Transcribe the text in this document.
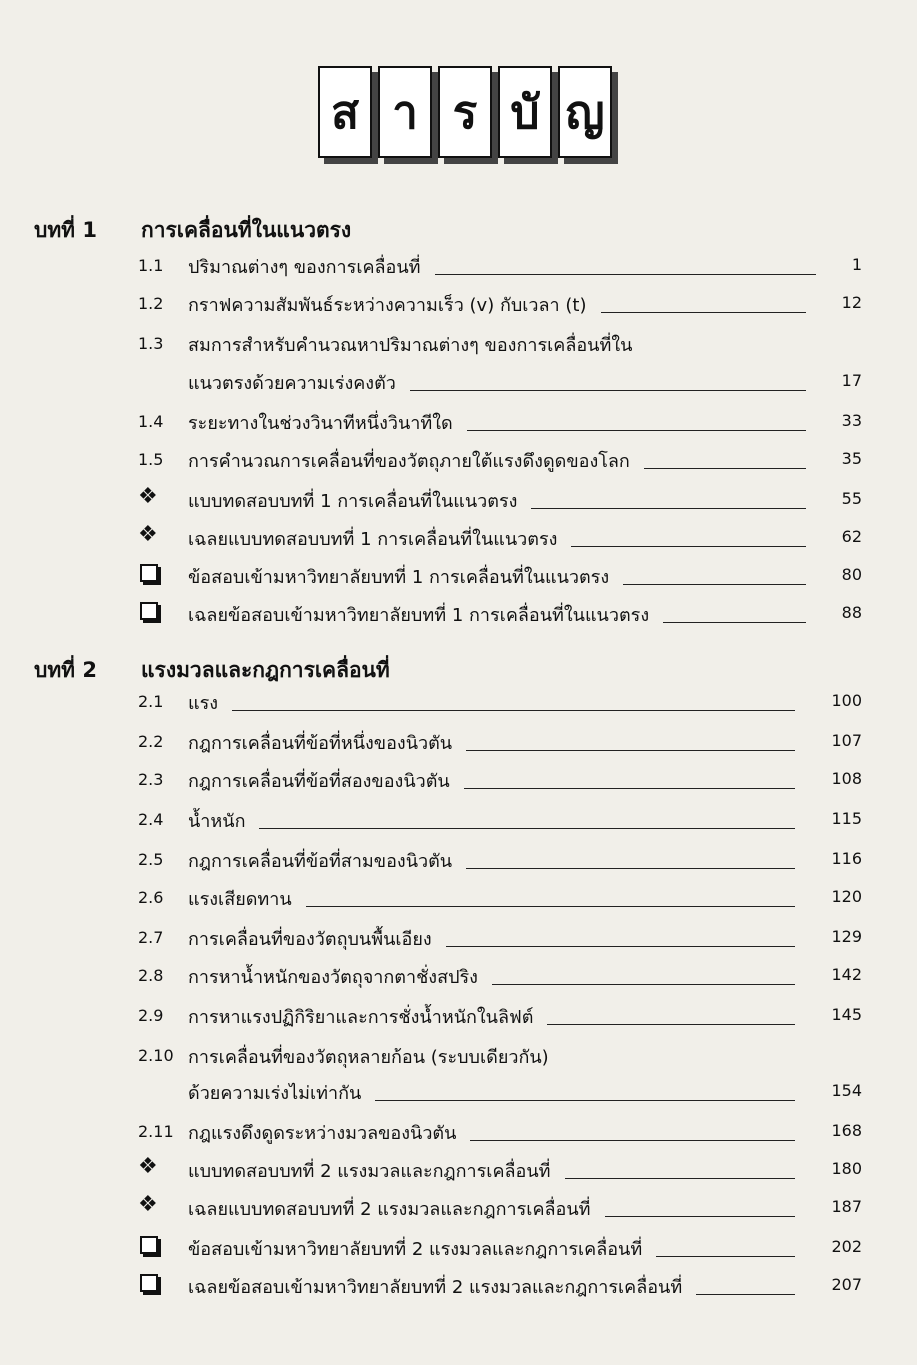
ส า ร บั ญ
บทที่ 1 การเคลื่อนที่ในแนวตรง
บทที่ 2 แรงมวลและกฎการเคลื่อนที่
1.1 ปริมาณต่างๆ ของการเคลื่อนที่	1
1.2 กราฟความสัมพันธ์ระหว่างความเร็ว (v) กับเวลา (t)	12
1.3 สมการสำหรับคำนวณหาปริมาณต่างๆ ของการเคลื่อนที่ใน
แนวตรงด้วยความเร่งคงตัว	17
1.4 ระยะทางในช่วงวินาทีหนึ่งวินาทีใด	33
1.5 การคำนวณการเคลื่อนที่ของวัตถุภายใต้แรงดึงดูดของโลก	35
❖ แบบทดสอบบทที่ 1 การเคลื่อนที่ในแนวตรง	55
❖ เฉลยแบบทดสอบบทที่ 1 การเคลื่อนที่ในแนวตรง	62
ข้อสอบเข้ามหาวิทยาลัยบทที่ 1 การเคลื่อนที่ในแนวตรง	80
เฉลยข้อสอบเข้ามหาวิทยาลัยบทที่ 1 การเคลื่อนที่ในแนวตรง	88
2.1 แรง	100
2.2 กฎการเคลื่อนที่ข้อที่หนึ่งของนิวตัน	107
2.3 กฎการเคลื่อนที่ข้อที่สองของนิวตัน	108
2.4 น้ำหนัก	115
2.5 กฎการเคลื่อนที่ข้อที่สามของนิวตัน	116
2.6 แรงเสียดทาน	120
2.7 การเคลื่อนที่ของวัตถุบนพื้นเอียง	129
2.8 การหาน้ำหนักของวัตถุจากตาชั่งสปริง	142
2.9 การหาแรงปฏิกิริยาและการชั่งน้ำหนักในลิฟต์	145
2.10 การเคลื่อนที่ของวัตถุหลายก้อน (ระบบเดียวกัน)
ด้วยความเร่งไม่เท่ากัน	154
2.11 กฎแรงดึงดูดระหว่างมวลของนิวตัน	168
❖ แบบทดสอบบทที่ 2 แรงมวลและกฎการเคลื่อนที่	180
❖ เฉลยแบบทดสอบบทที่ 2 แรงมวลและกฎการเคลื่อนที่	187
ข้อสอบเข้ามหาวิทยาลัยบทที่ 2 แรงมวลและกฎการเคลื่อนที่	202
เฉลยข้อสอบเข้ามหาวิทยาลัยบทที่ 2 แรงมวลและกฎการเคลื่อนที่	207
